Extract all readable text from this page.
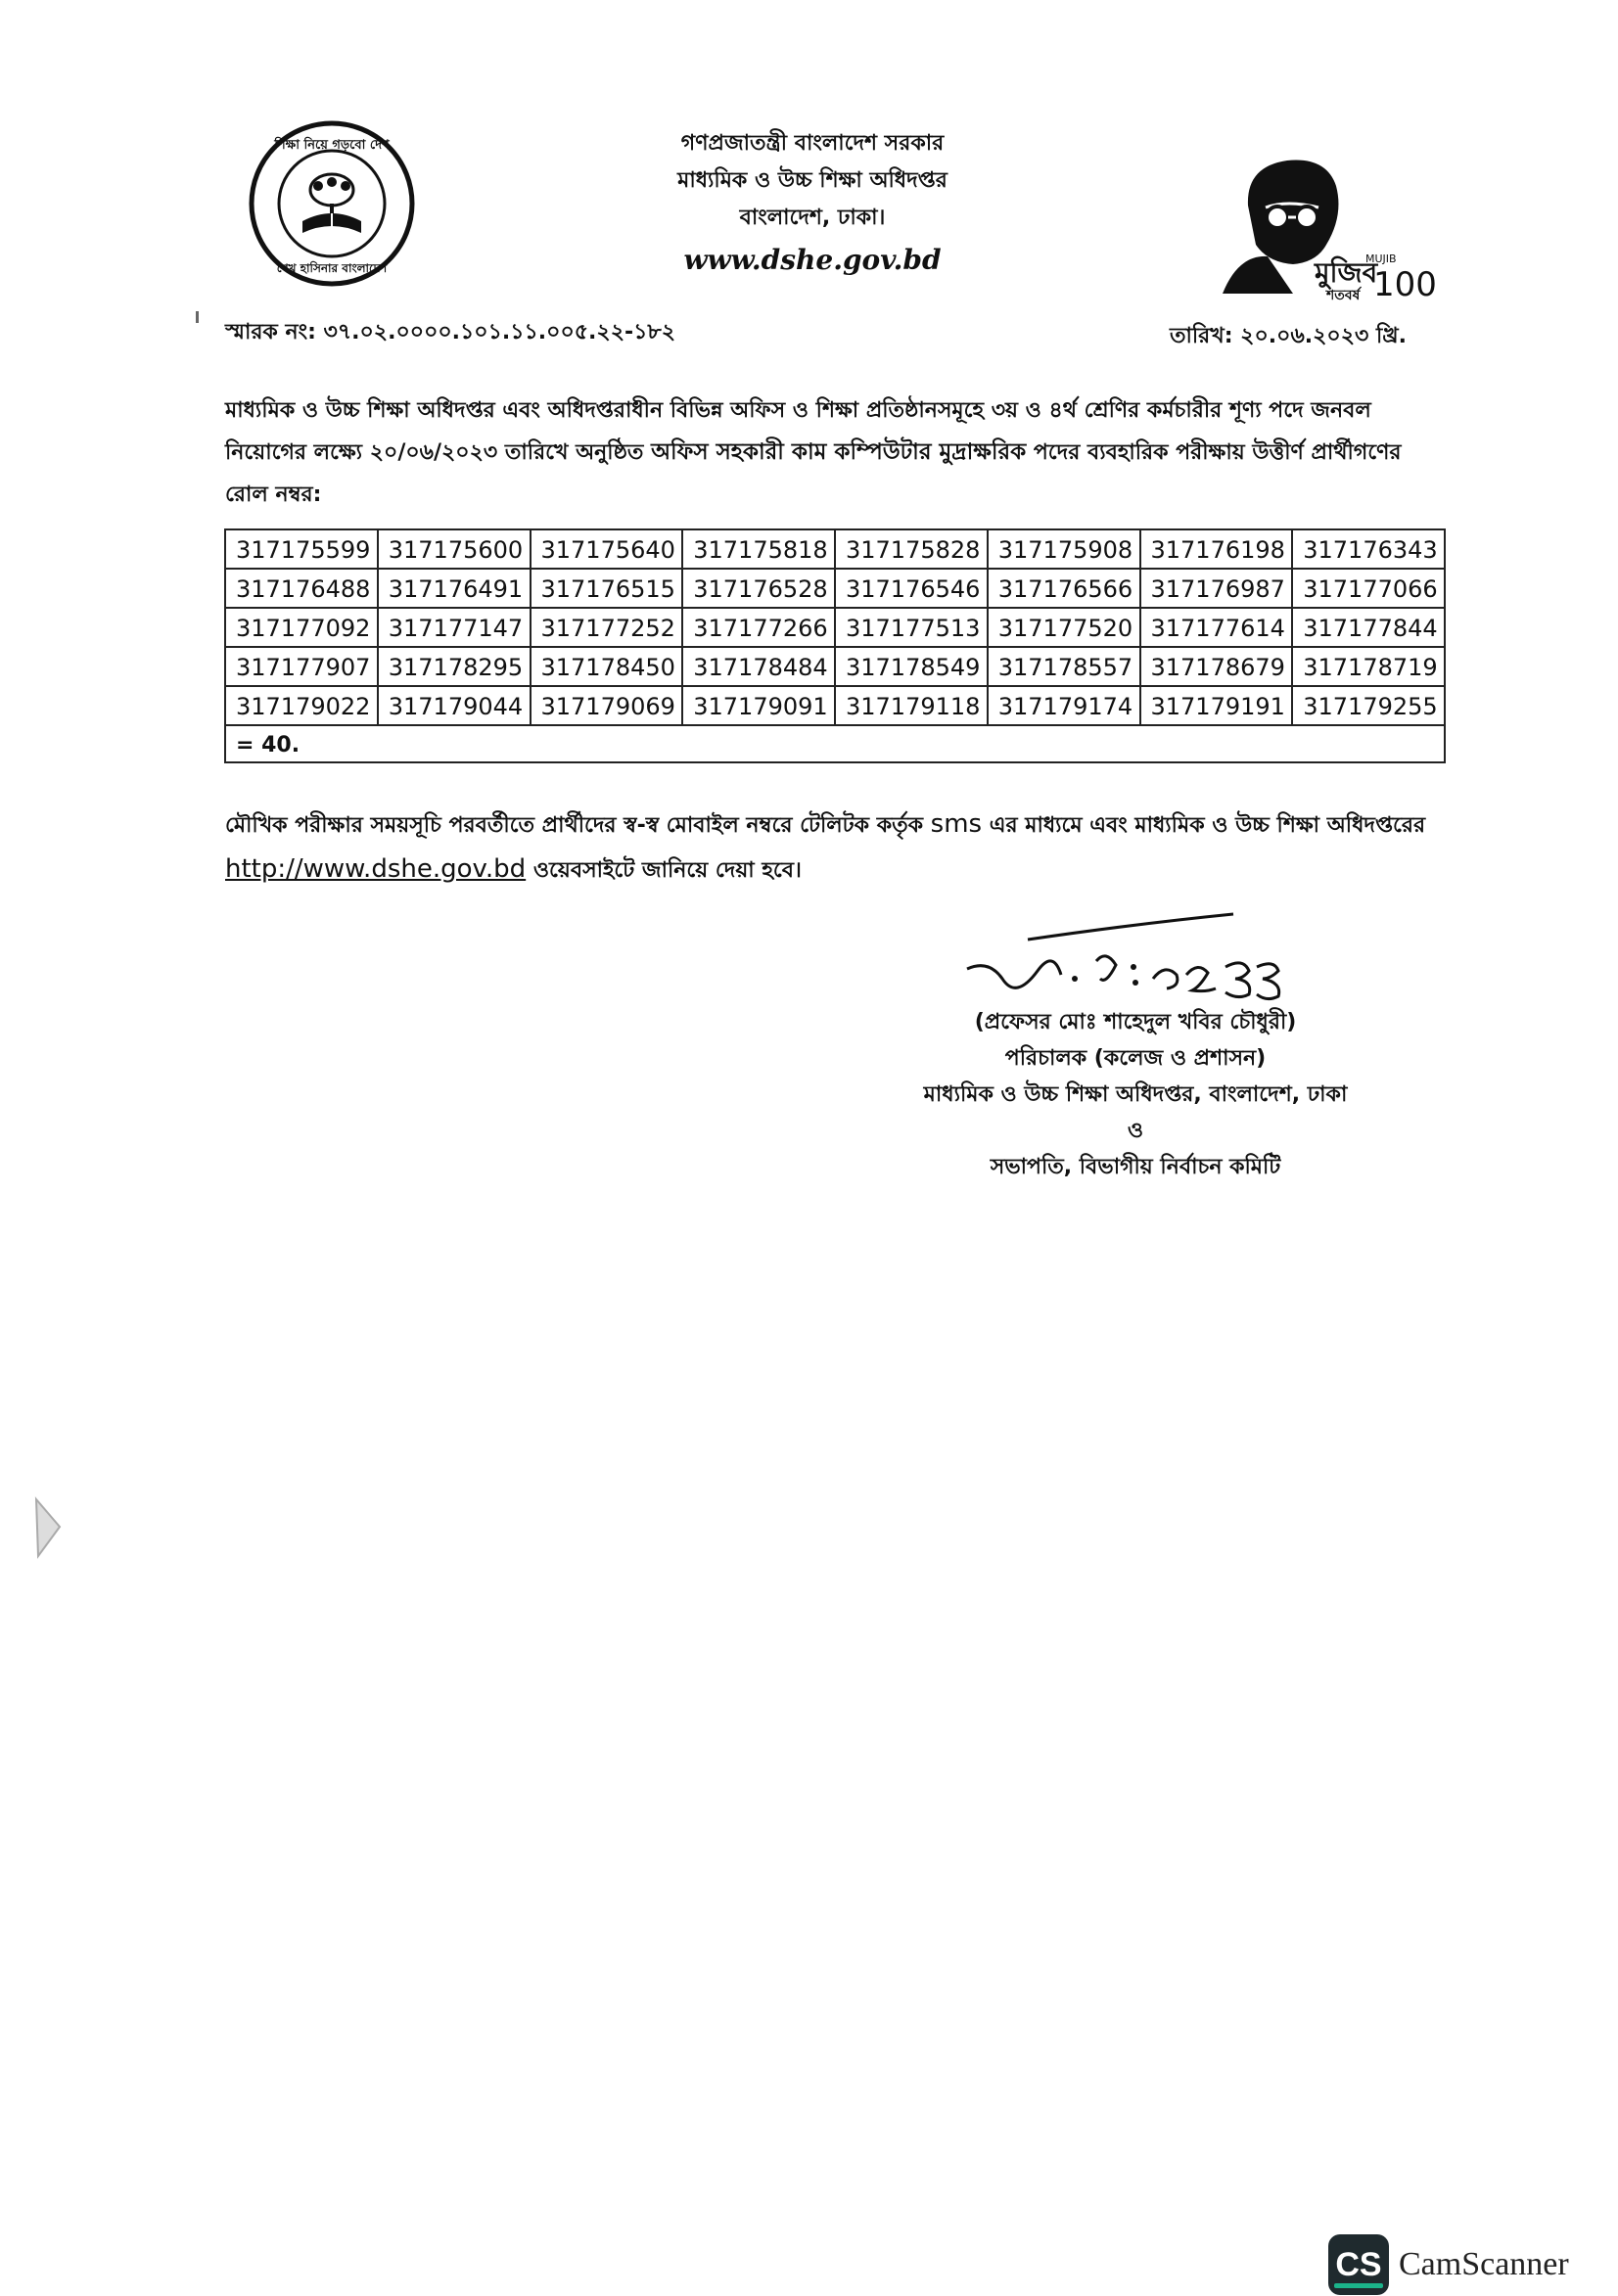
শিক্ষা নিয়ে গড়বো দেশ
শেখ হাসিনার বাংলাদেশ
গণপ্রজাতন্ত্রী বাংলাদেশ সরকার
মাধ্যমিক ও উচ্চ শিক্ষা অধিদপ্তর
বাংলাদেশ, ঢাকা।
www.dshe.gov.bd	মুজিব
MUJIB
শতবর্ষ 100
স্মারক নং: ৩৭.০২.০০০০.১০১.১১.০০৫.২২-১৮২	তারিখ: ২০.০৬.২০২৩ খ্রি.
মাধ্যমিক ও উচ্চ শিক্ষা অধিদপ্তর এবং অধিদপ্তরাধীন বিভিন্ন অফিস ও শিক্ষা প্রতিষ্ঠানসমূহে ৩য় ও ৪র্থ শ্রেণির কর্মচারীর শূণ্য পদে জনবল নিয়োগের লক্ষ্যে ২০/০৬/২০২৩ তারিখে অনুষ্ঠিত অফিস সহকারী কাম কম্পিউটার মুদ্রাক্ষরিক পদের ব্যবহারিক পরীক্ষায় উত্তীর্ণ প্রার্থীগণের রোল নম্বর:
317175599	317175600	317175640	317175818	317175828	317175908	317176198	317176343
317176488	317176491	317176515	317176528	317176546	317176566	317176987	317177066
317177092	317177147	317177252	317177266	317177513	317177520	317177614	317177844
317177907	317178295	317178450	317178484	317178549	317178557	317178679	317178719
317179022	317179044	317179069	317179091	317179118	317179174	317179191	317179255
= 40.							
মৌখিক পরীক্ষার সময়সূচি পরবর্তীতে প্রার্থীদের স্ব-স্ব মোবাইল নম্বরে টেলিটক কর্তৃক sms এর মাধ্যমে এবং মাধ্যমিক ও উচ্চ শিক্ষা অধিদপ্তরের http://www.dshe.gov.bd ওয়েবসাইটে জানিয়ে দেয়া হবে।
(প্রফেসর মোঃ শাহেদুল খবির চৌধুরী)
পরিচালক (কলেজ ও প্রশাসন)
মাধ্যমিক ও উচ্চ শিক্ষা অধিদপ্তর, বাংলাদেশ, ঢাকা
ও
সভাপতি, বিভাগীয় নির্বাচন কমিটি
CS CamScanner
